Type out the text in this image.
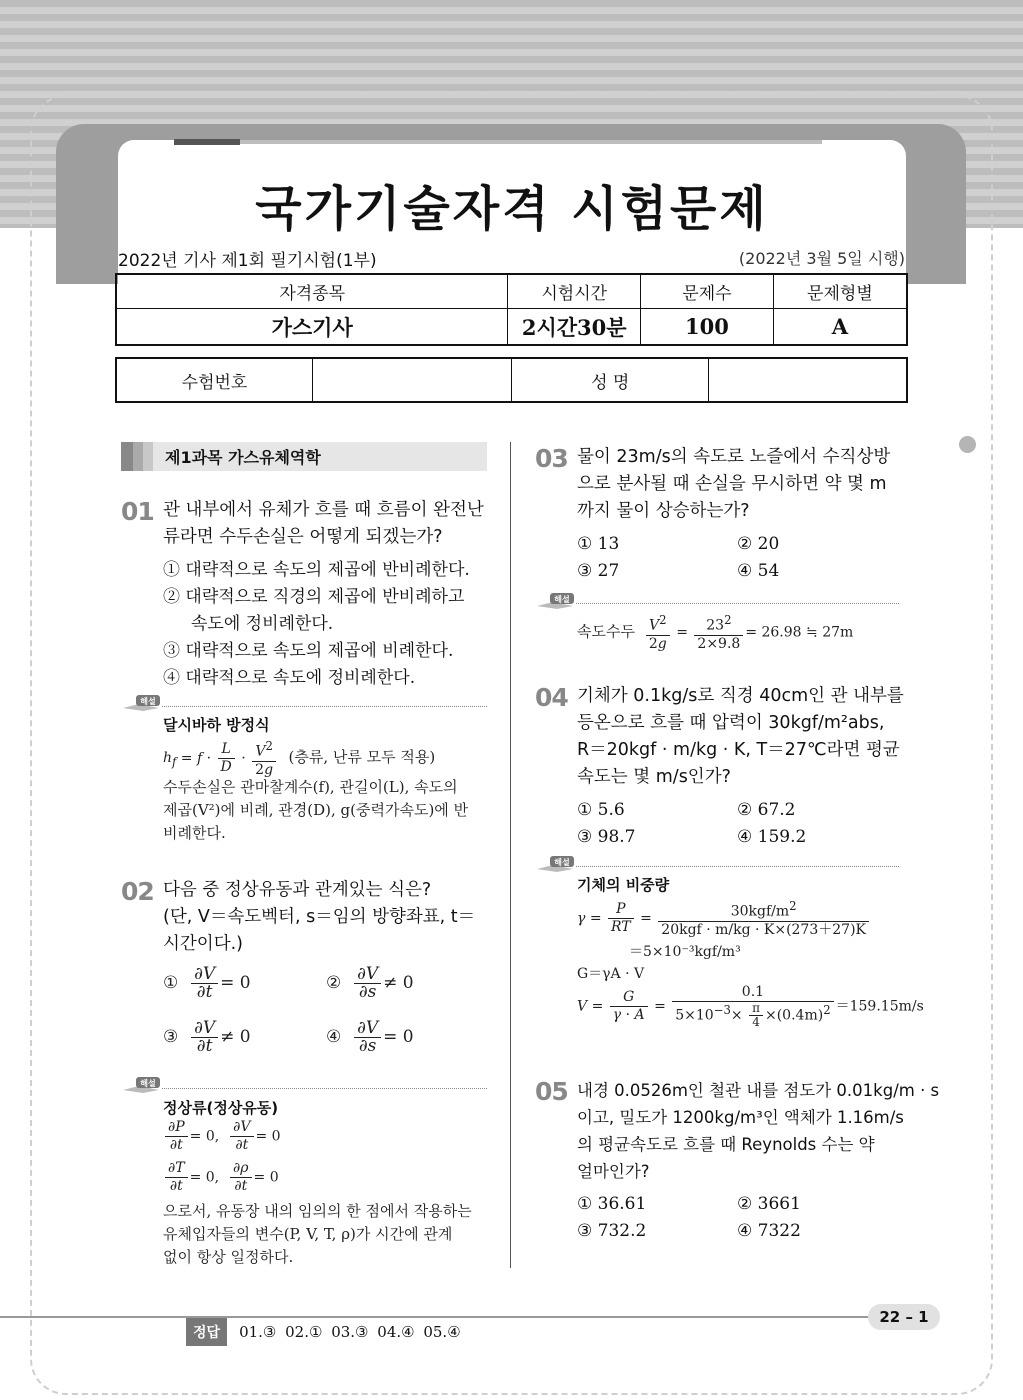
국가기술자격 시험문제
2022년 기사 제1회 필기시험(1부)	(2022년 3월 5일 시행)
자격종목	시험시간	문제수	문제형별
가스기사	2시간30분	100	A
수험번호		성 명	
제1과목 가스유체역학
01 관 내부에서 유체가 흐를 때 흐름이 완전난
류라면 수두손실은 어떻게 되겠는가?
① 대략적으로 속도의 제곱에 반비례한다.
② 대략적으로 직경의 제곱에 반비례하고
속도에 정비례한다.
③ 대략적으로 속도의 제곱에 비례한다.
④ 대략적으로 속도에 정비례한다.
해설
달시바하 방정식
$h_f = f \cdot \frac{L}{D} \cdot \frac{V^2}{2g}$ (층류, 난류 모두 적용)
수두손실은 관마찰계수(f), 관길이(L), 속도의
제곱(V²)에 비례, 관경(D), g(중력가속도)에 반
비례한다.
02 다음 중 정상유동과 관계있는 식은?
(단, V＝속도벡터, s＝임의 방향좌표, t＝
시간이다.)
① $\frac{\partial V}{\partial t} = 0$	② $\frac{\partial V}{\partial s} \ne 0$
③ $\frac{\partial V}{\partial t} \ne 0$	④ $\frac{\partial V}{\partial s} = 0$
해설
정상류(정상유동)
$\frac{\partial P}{\partial t} = 0$, $\frac{\partial V}{\partial t} = 0$
$\frac{\partial T}{\partial t} = 0$, $\frac{\partial\rho}{\partial t} = 0$
으로서, 유동장 내의 임의의 한 점에서 작용하는
유체입자들의 변수(P, V, T, ρ)가 시간에 관계
없이 항상 일정하다.
03 물이 23m/s의 속도로 노즐에서 수직상방
으로 분사될 때 손실을 무시하면 약 몇 m
까지 물이 상승하는가?
① 13	② 20
③ 27	④ 54
해설
속도수두 $\frac{V^2}{2g} = \frac{23^2}{2\times 9.8} = 26.98$ ≒ 27m
04 기체가 0.1kg/s로 직경 40cm인 관 내부를
등온으로 흐를 때 압력이 30kgf/m²abs,
R＝20kgf · m/kg · K, T＝27℃라면 평균
속도는 몇 m/s인가?
① 5.6	② 67.2
③ 98.7	④ 159.2
해설
기체의 비중량
$\gamma = \frac{P}{RT} = \frac{30kgf/m^2}{\text{20kgf · m/kg · K×(273＋27)K}}$
＝5×10⁻³kgf/m³
G＝γA · V
$V = \frac{G}{\gamma \cdot A} = \frac{0.1}{5\times 10^{-3}\times \frac{\pi}{4} \times(0.4m)^2} =159.15m/s$
05 내경 0.0526m인 철관 내를 점도가 0.01kg/m · s
이고, 밀도가 1200kg/m³인 액체가 1.16m/s
의 평균속도로 흐를 때 Reynolds 수는 약
얼마인가?
① 36.61	② 3661
③ 732.2	④ 7322
정답	01.③ 02.① 03.③ 04.④ 05.④
22 – 1
